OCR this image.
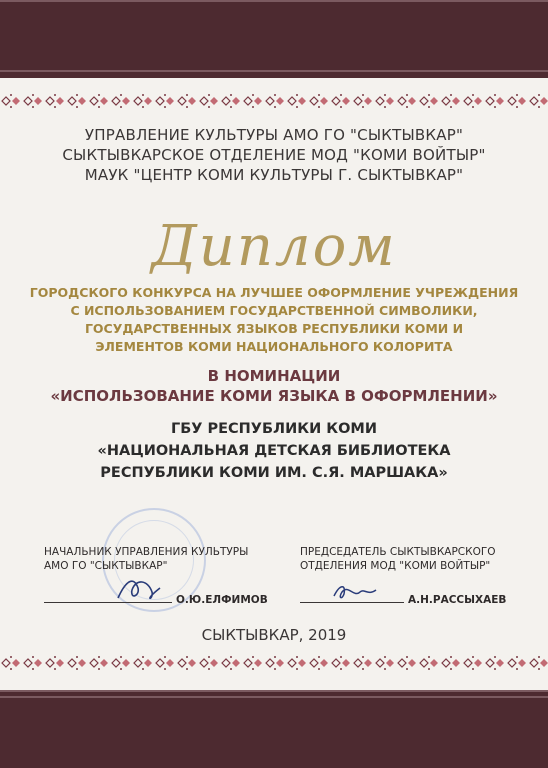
УПРАВЛЕНИЕ КУЛЬТУРЫ АМО ГО "СЫКТЫВКАР"
СЫКТЫВКАРСКОЕ ОТДЕЛЕНИЕ МОД "КОМИ ВОЙТЫР"
МАУК "ЦЕНТР КОМИ КУЛЬТУРЫ Г. СЫКТЫВКАР"
Диплом
ГОРОДСКОГО КОНКУРСА НА ЛУЧШЕЕ ОФОРМЛЕНИЕ УЧРЕЖДЕНИЯ
С ИСПОЛЬЗОВАНИЕМ ГОСУДАРСТВЕННОЙ СИМВОЛИКИ,
ГОСУДАРСТВЕННЫХ ЯЗЫКОВ РЕСПУБЛИКИ КОМИ И
ЭЛЕМЕНТОВ КОМИ НАЦИОНАЛЬНОГО КОЛОРИТА
В НОМИНАЦИИ
«ИСПОЛЬЗОВАНИЕ КОМИ ЯЗЫКА В ОФОРМЛЕНИИ»
ГБУ РЕСПУБЛИКИ КОМИ
«НАЦИОНАЛЬНАЯ ДЕТСКАЯ БИБЛИОТЕКА
РЕСПУБЛИКИ КОМИ ИМ. С.Я. МАРШАКА»
НАЧАЛЬНИК УПРАВЛЕНИЯ КУЛЬТУРЫ
АМО ГО "СЫКТЫВКАР"
О.Ю.ЕЛФИМОВ
ПРЕДСЕДАТЕЛЬ СЫКТЫВКАРСКОГО
ОТДЕЛЕНИЯ МОД "КОМИ ВОЙТЫР"
А.Н.РАССЫХАЕВ
СЫКТЫВКАР, 2019
